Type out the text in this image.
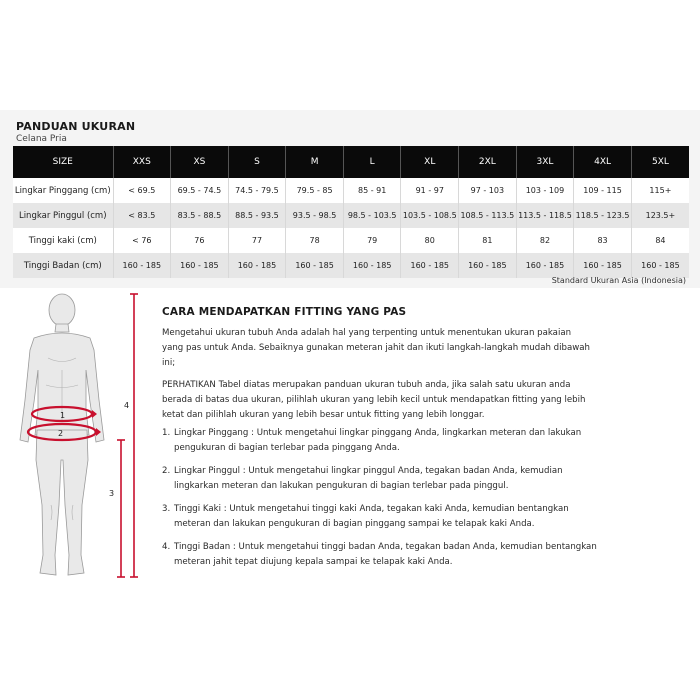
PANDUAN UKURAN
Celana Pria
SIZE	XXS	XS	S	M	L	XL	2XL	3XL	4XL	5XL
Lingkar Pinggang (cm)	< 69.5	69.5 - 74.5	74.5 - 79.5	79.5 - 85	85 - 91	91 - 97	97 - 103	103 - 109	109 - 115	115+
Lingkar Pinggul (cm)	< 83.5	83.5 - 88.5	88.5 - 93.5	93.5 - 98.5	98.5 - 103.5	103.5 - 108.5	108.5 - 113.5	113.5 - 118.5	118.5 - 123.5	123.5+
Tinggi kaki (cm)	< 76	76	77	78	79	80	81	82	83	84
Tinggi Badan (cm)	160 - 185	160 - 185	160 - 185	160 - 185	160 - 185	160 - 185	160 - 185	160 - 185	160 - 185	160 - 185
Standard Ukuran Asia (Indonesia)
1
2
3
4
CARA MENDAPATKAN FITTING YANG PAS
Mengetahui ukuran tubuh Anda adalah hal yang terpenting untuk menentukan ukuran pakaian yang pas untuk Anda. Sebaiknya gunakan meteran jahit dan ikuti langkah-langkah mudah dibawah ini;
PERHATIKAN Tabel diatas merupakan panduan ukuran tubuh anda, jika salah satu ukuran anda berada di batas dua ukuran, pilihlah ukuran yang lebih kecil untuk mendapatkan fitting yang lebih ketat dan pilihlah ukuran yang lebih besar untuk fitting yang lebih longgar.
1. Lingkar Pinggang : Untuk mengetahui lingkar pinggang Anda, lingkarkan meteran dan lakukan pengukuran di bagian terlebar pada pinggang Anda.
2. Lingkar Pinggul : Untuk mengetahui lingkar pinggul Anda, tegakan badan Anda, kemudian lingkarkan meteran dan lakukan pengukuran di bagian terlebar pada pinggul.
3. Tinggi Kaki : Untuk mengetahui tinggi kaki Anda, tegakan kaki Anda, kemudian bentangkan meteran dan lakukan pengukuran di bagian pinggang sampai ke telapak kaki Anda.
4. Tinggi Badan : Untuk mengetahui tinggi badan Anda, tegakan badan Anda, kemudian bentangkan meteran jahit tepat diujung kepala sampai ke telapak kaki Anda.
